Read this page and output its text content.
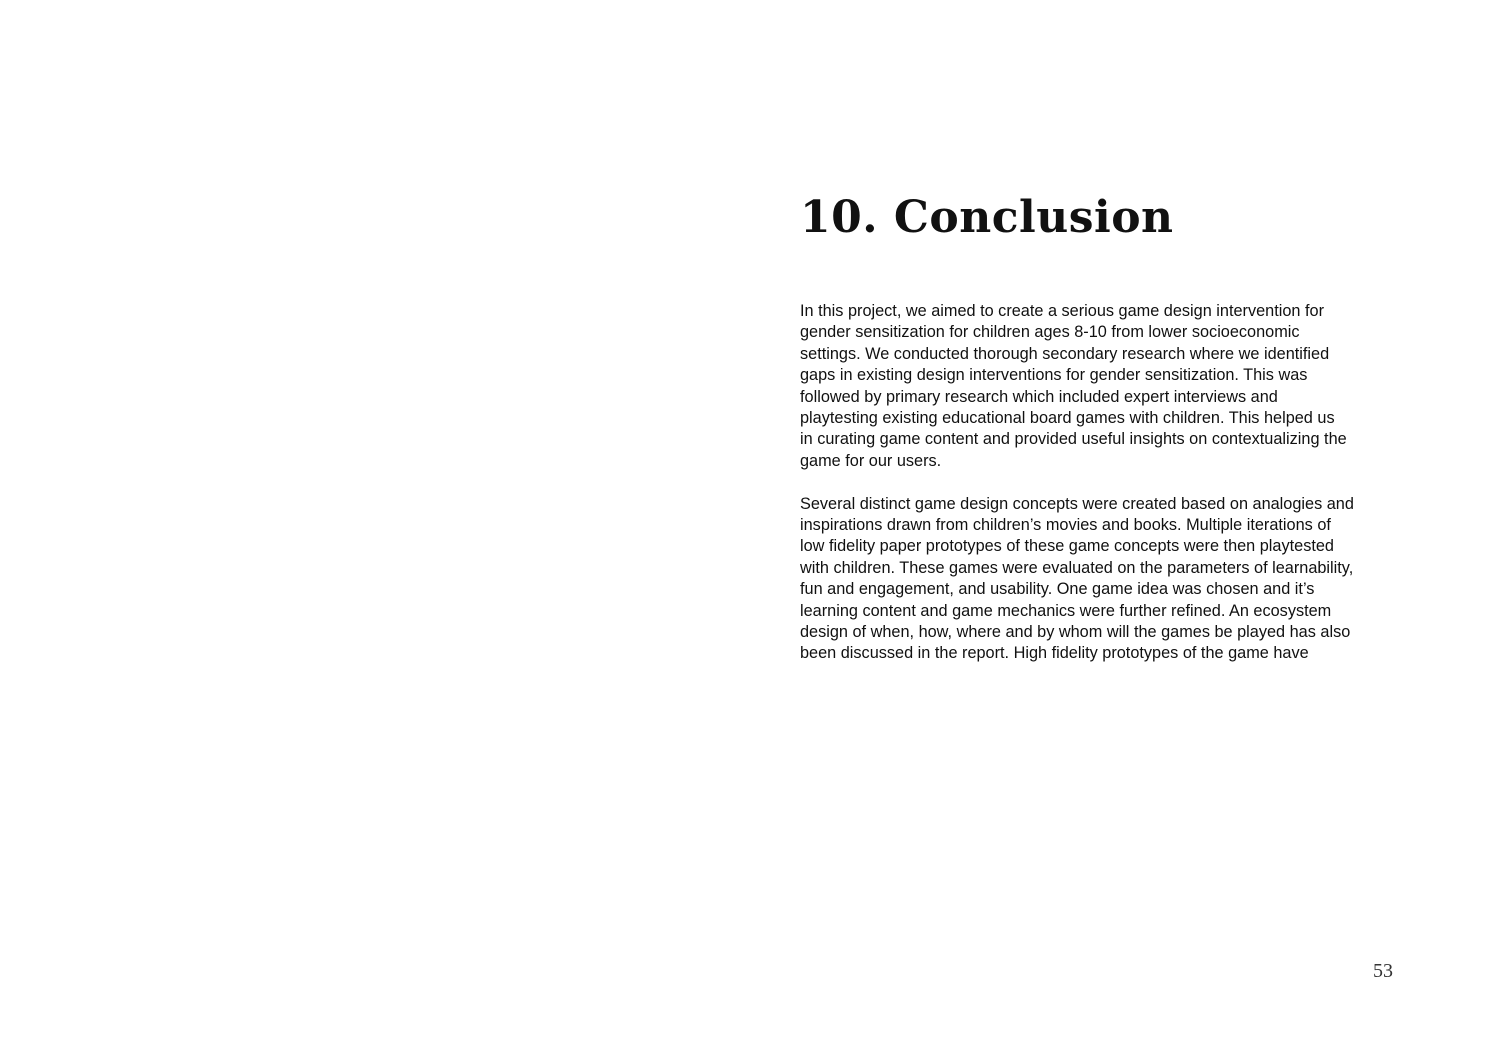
10. Conclusion

In this project, we aimed to create a serious game design intervention for
gender sensitization for children ages 8-10 from lower socioeconomic
settings. We conducted thorough secondary research where we identified
gaps in existing design interventions for gender sensitization. This was
followed by primary research which included expert interviews and
playtesting existing educational board games with children. This helped us
in curating game content and provided useful insights on contextualizing the
game for our users.

Several distinct game design concepts were created based on analogies and
inspirations drawn from children’s movies and books. Multiple iterations of
low fidelity paper prototypes of these game concepts were then playtested
with children. These games were evaluated on the parameters of learnability,
fun and engagement, and usability. One game idea was chosen and it’s
learning content and game mechanics were further refined. An ecosystem
design of when, how, where and by whom will the games be played has also
been discussed in the report. High fidelity prototypes of the game have

53
